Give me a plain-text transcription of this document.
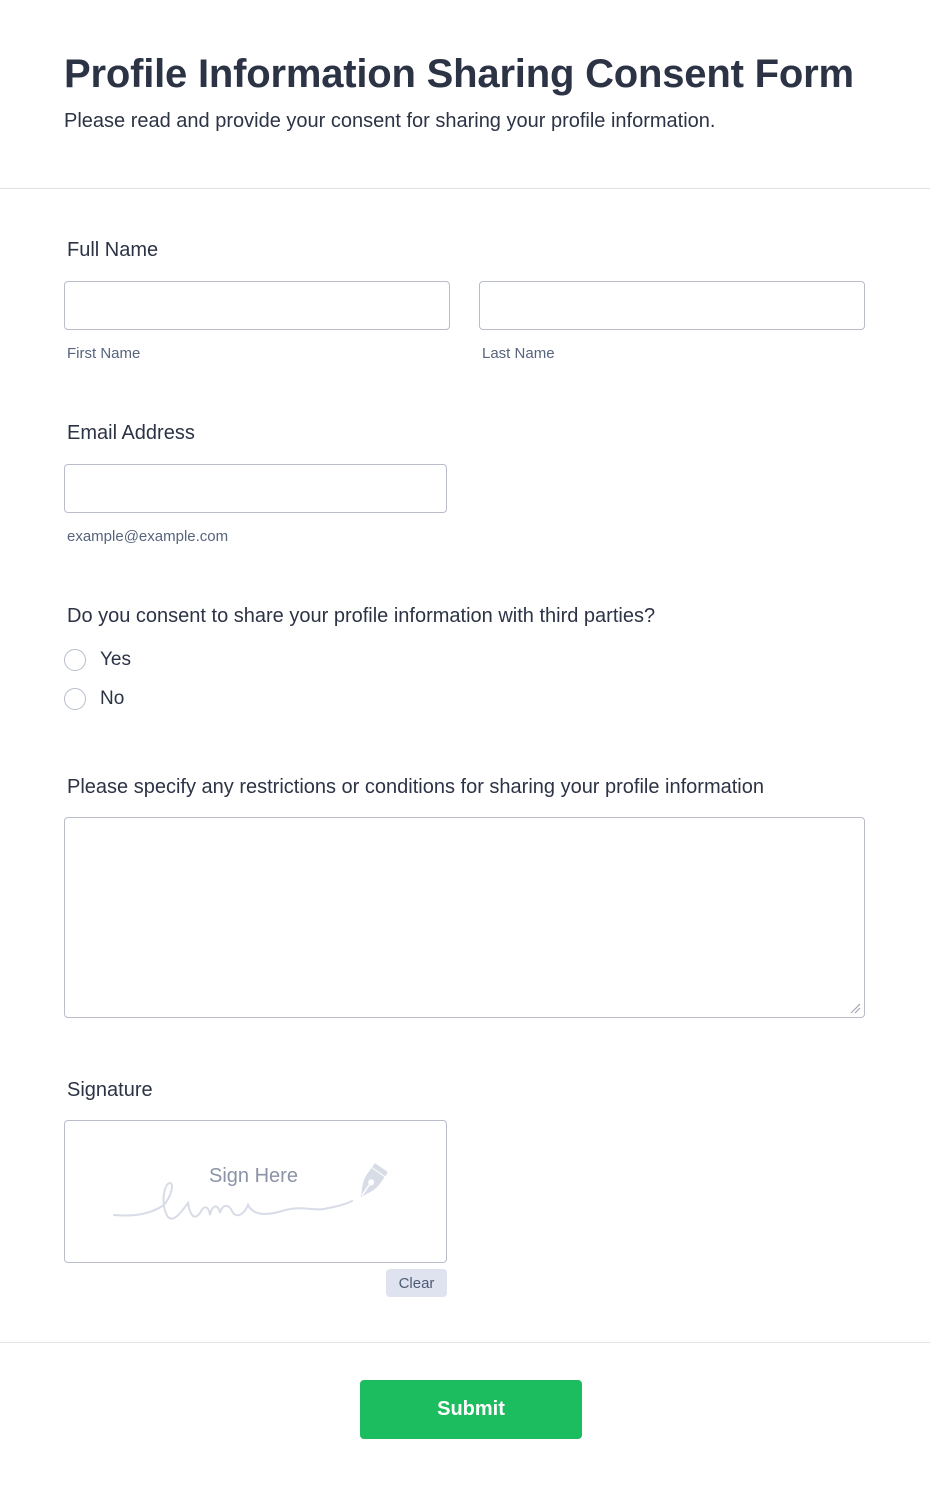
Profile Information Sharing Consent Form

Please read and provide your consent for sharing your profile information.

Full Name
First Name	Last Name
Email Address
example@example.com
Do you consent to share your profile information with third parties?
Yes
No
Please specify any restrictions or conditions for sharing your profile information
Signature
Sign Here
Clear
Submit
